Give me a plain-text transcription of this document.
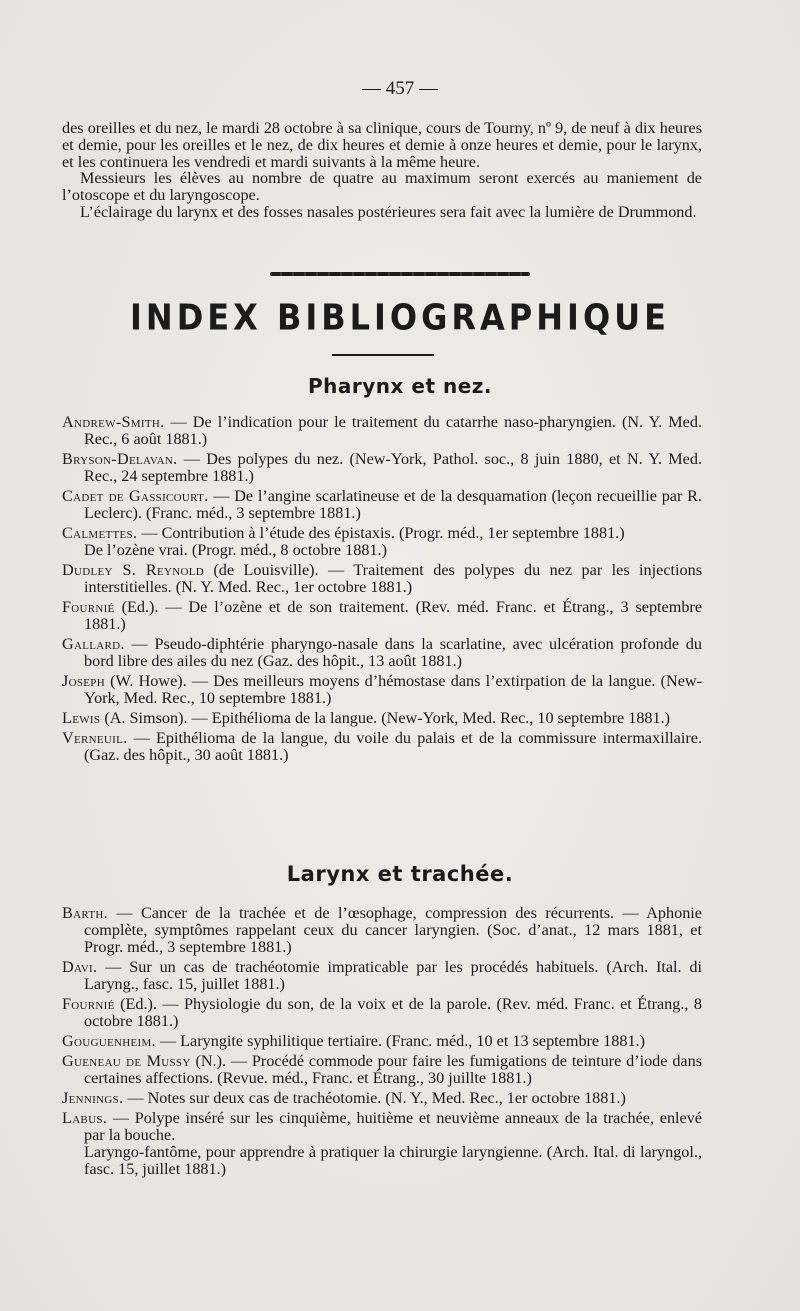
— 457 —

des oreilles et du nez, le mardi 28 octobre à sa clinique, cours de Tourny, nº 9, de neuf à dix heures et demie, pour les oreilles et le nez, de dix heures et demie à onze heures et demie, pour le larynx, et les continuera les vendredi et mardi suivants à la même heure.

Messieurs les élèves au nombre de quatre au maximum seront exercés au maniement de l’otoscope et du laryngoscope.

L’éclairage du larynx et des fosses nasales postérieures sera fait avec la lumière de Drummond.

INDEX BIBLIOGRAPHIQUE
Pharynx et nez.

Andrew-Smith. — De l’indication pour le traitement du catarrhe naso-pharyngien. (N. Y. Med. Rec., 6 août 1881.)

Bryson-Delavan. — Des polypes du nez. (New-York, Pathol. soc., 8 juin 1880, et N. Y. Med. Rec., 24 septembre 1881.)

Cadet de Gassicourt. — De l’angine scarlatineuse et de la desquamation (leçon recueillie par R. Leclerc). (Franc. méd., 3 septembre 1881.)

Calmettes. — Contribution à l’étude des épistaxis. (Progr. méd., 1er septembre 1881.)

De l’ozène vrai. (Progr. méd., 8 octobre 1881.)

Dudley S. Reynold (de Louisville). — Traitement des polypes du nez par les injections interstitielles. (N. Y. Med. Rec., 1er octobre 1881.)

Fournié (Ed.). — De l’ozène et de son traitement. (Rev. méd. Franc. et Étrang., 3 septembre 1881.)

Gallard. — Pseudo-diphtérie pharyngo-nasale dans la scarlatine, avec ulcération profonde du bord libre des ailes du nez (Gaz. des hôpit., 13 août 1881.)

Joseph (W. Howe). — Des meilleurs moyens d’hémostase dans l’extirpation de la langue. (New-York, Med. Rec., 10 septembre 1881.)

Lewis (A. Simson). — Epithélioma de la langue. (New-York, Med. Rec., 10 septembre 1881.)

Verneuil. — Epithélioma de la langue, du voile du palais et de la commissure intermaxillaire. (Gaz. des hôpit., 30 août 1881.)

Larynx et trachée.

Barth. — Cancer de la trachée et de l’œsophage, compression des récurrents. — Aphonie complète, symptômes rappelant ceux du cancer laryngien. (Soc. d’anat., 12 mars 1881, et Progr. méd., 3 septembre 1881.)

Davi. — Sur un cas de trachéotomie impraticable par les procédés habituels. (Arch. Ital. di Laryng., fasc. 15, juillet 1881.)

Fournié (Ed.). — Physiologie du son, de la voix et de la parole. (Rev. méd. Franc. et Étrang., 8 octobre 1881.)

Gouguenheim. — Laryngite syphilitique tertiaire. (Franc. méd., 10 et 13 septembre 1881.)

Gueneau de Mussy (N.). — Procédé commode pour faire les fumigations de teinture d’iode dans certaines affections. (Revue. méd., Franc. et Étrang., 30 juillte 1881.)

Jennings. — Notes sur deux cas de trachéotomie. (N. Y., Med. Rec., 1er octobre 1881.)

Labus. — Polype inséré sur les cinquième, huitième et neuvième anneaux de la trachée, enlevé par la bouche.

Laryngo-fantôme, pour apprendre à pratiquer la chirurgie laryngienne. (Arch. Ital. di laryngol., fasc. 15, juillet 1881.)
